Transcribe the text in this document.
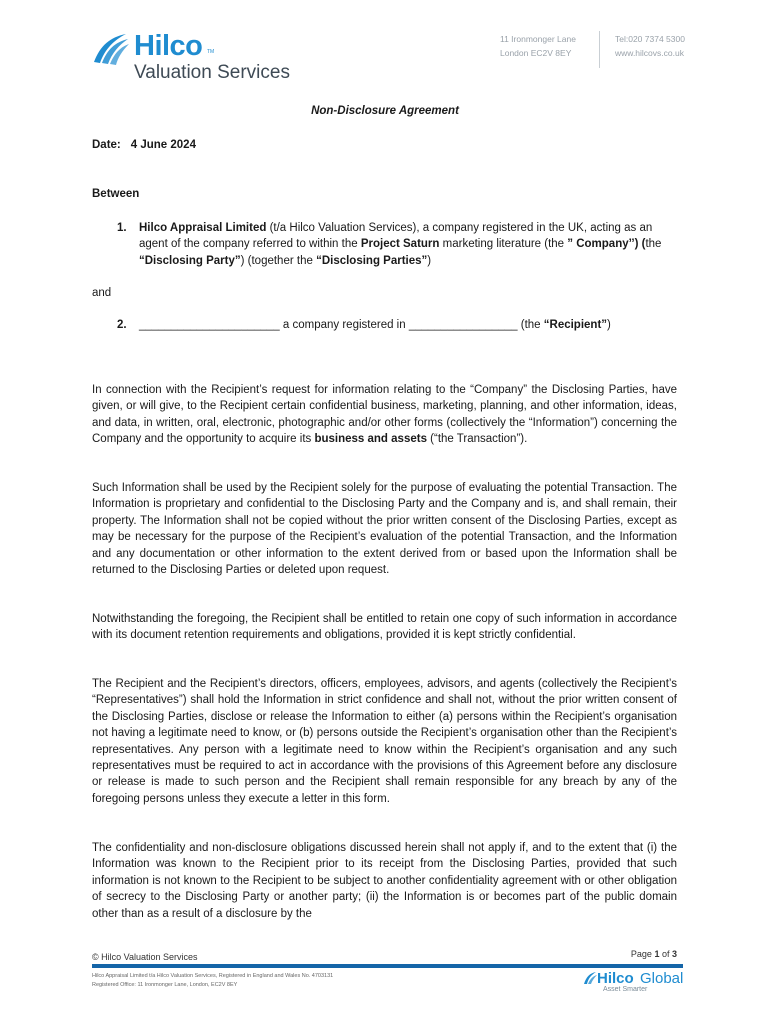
Hilco TM
Valuation Services
11 Ironmonger Lane
London EC2V 8EY
Tel:020 7374 5300
www.hilcovs.co.uk
Non-Disclosure Agreement
Date: 4 June 2024
Between
1. Hilco Appraisal Limited (t/a Hilco Valuation Services), a company registered in the UK, acting as an agent of the company referred to within the Project Saturn marketing literature (the ” Company’’) (the “Disclosing Party”) (together the “Disclosing Parties”)
and
2. ______________________ a company registered in _________________ (the “Recipient”)
In connection with the Recipient’s request for information relating to the “Company” the Disclosing Parties, have given, or will give, to the Recipient certain confidential business, marketing, planning, and other information, ideas, and data, in written, oral, electronic, photographic and/or other forms (collectively the “Information”) concerning the Company and the opportunity to acquire its business and assets (“the Transaction”).
Such Information shall be used by the Recipient solely for the purpose of evaluating the potential Transaction. The Information is proprietary and confidential to the Disclosing Party and the Company and is, and shall remain, their property. The Information shall not be copied without the prior written consent of the Disclosing Parties, except as may be necessary for the purpose of the Recipient’s evaluation of the potential Transaction, and the Information and any documentation or other information to the extent derived from or based upon the Information shall be returned to the Disclosing Parties or deleted upon request.
Notwithstanding the foregoing, the Recipient shall be entitled to retain one copy of such information in accordance with its document retention requirements and obligations, provided it is kept strictly confidential.
The Recipient and the Recipient’s directors, officers, employees, advisors, and agents (collectively the Recipient’s “Representatives”) shall hold the Information in strict confidence and shall not, without the prior written consent of the Disclosing Parties, disclose or release the Information to either (a) persons within the Recipient’s organisation not having a legitimate need to know, or (b) persons outside the Recipient’s organisation other than the Recipient’s representatives. Any person with a legitimate need to know within the Recipient’s organisation and any such representatives must be required to act in accordance with the provisions of this Agreement before any disclosure or release is made to such person and the Recipient shall remain responsible for any breach by any of the foregoing persons unless they execute a letter in this form.
The confidentiality and non-disclosure obligations discussed herein shall not apply if, and to the extent that (i) the Information was known to the Recipient prior to its receipt from the Disclosing Parties, provided that such information is not known to the Recipient to be subject to another confidentiality agreement with or other obligation of secrecy to the Disclosing Party or another party; (ii) the Information is or becomes part of the public domain other than as a result of a disclosure by the
© Hilco Valuation Services	Page 1 of 3
Hilco Appraisal Limited t/a Hilco Valuation Services, Registered in England and Wales No. 4703131
Registered Office: 11 Ironmonger Lane, London, EC2V 8EY	Hilco Global
Asset Smarter
